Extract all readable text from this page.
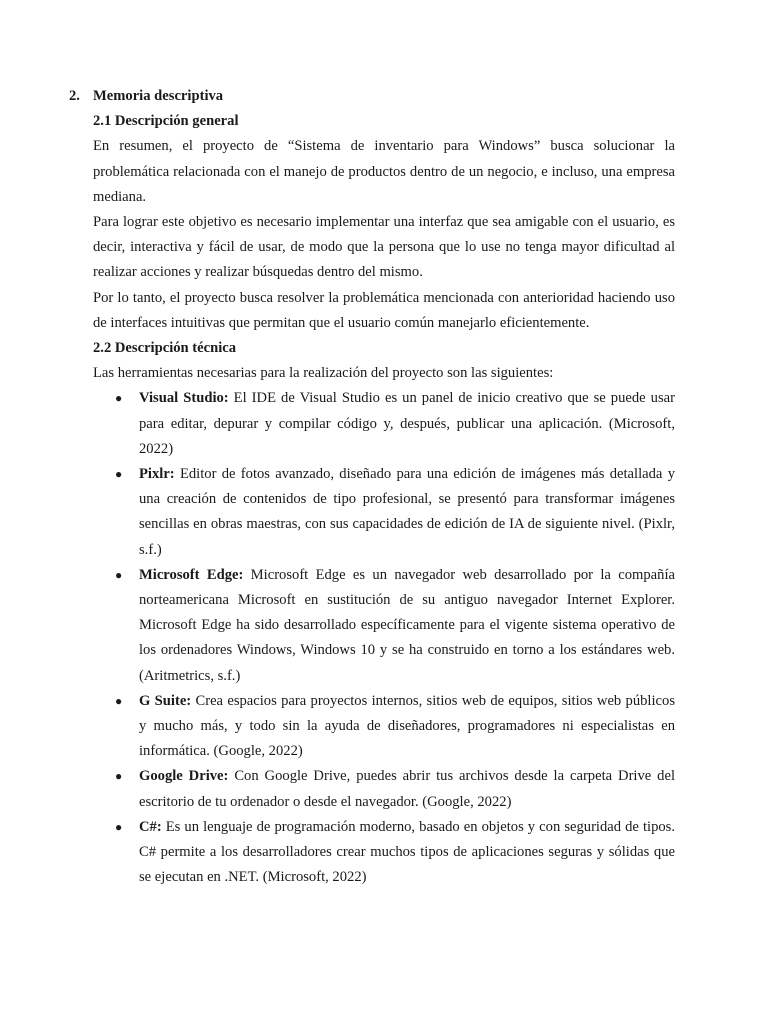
2. Memoria descriptiva
2.1 Descripción general

En resumen, el proyecto de “Sistema de inventario para Windows” busca solucionar la problemática relacionada con el manejo de productos dentro de un negocio, e incluso, una empresa mediana.

Para lograr este objetivo es necesario implementar una interfaz que sea amigable con el usuario, es decir, interactiva y fácil de usar, de modo que la persona que lo use no tenga mayor dificultad al realizar acciones y realizar búsquedas dentro del mismo.

Por lo tanto, el proyecto busca resolver la problemática mencionada con anterioridad haciendo uso de interfaces intuitivas que permitan que el usuario común manejarlo eficientemente.

2.2 Descripción técnica

Las herramientas necesarias para la realización del proyecto son las siguientes:

● Visual Studio: El IDE de Visual Studio es un panel de inicio creativo que se puede usar para editar, depurar y compilar código y, después, publicar una aplicación. (Microsoft, 2022)
● Pixlr: Editor de fotos avanzado, diseñado para una edición de imágenes más detallada y una creación de contenidos de tipo profesional, se presentó para transformar imágenes sencillas en obras maestras, con sus capacidades de edición de IA de siguiente nivel. (Pixlr, s.f.)
● Microsoft Edge: Microsoft Edge es un navegador web desarrollado por la compañía norteamericana Microsoft en sustitución de su antiguo navegador Internet Explorer. Microsoft Edge ha sido desarrollado específicamente para el vigente sistema operativo de los ordenadores Windows, Windows 10 y se ha construido en torno a los estándares web. (Aritmetrics, s.f.)
● G Suite: Crea espacios para proyectos internos, sitios web de equipos, sitios web públicos y mucho más, y todo sin la ayuda de diseñadores, programadores ni especialistas en informática. (Google, 2022)
● Google Drive: Con Google Drive, puedes abrir tus archivos desde la carpeta Drive del escritorio de tu ordenador o desde el navegador. (Google, 2022)
● C#: Es un lenguaje de programación moderno, basado en objetos y con seguridad de tipos. C# permite a los desarrolladores crear muchos tipos de aplicaciones seguras y sólidas que se ejecutan en .NET. (Microsoft, 2022)
